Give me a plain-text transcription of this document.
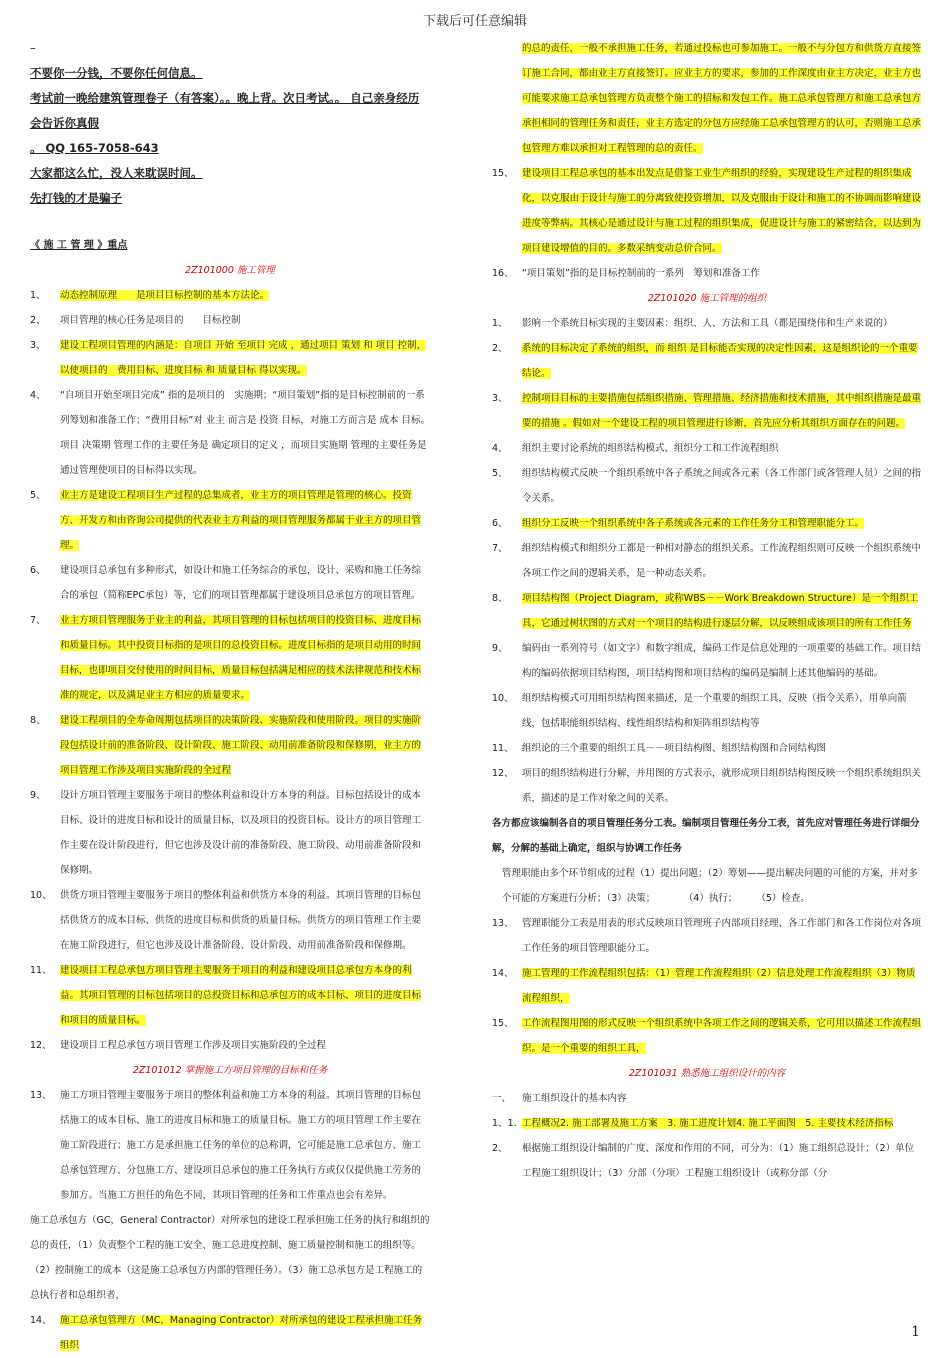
下载后可任意编辑
–
不要你一分钱，不要你任何信息。
考试前一晚给建筑管理卷子（有答案）。。晚上背。次日考试。。 自己亲身经历
会告诉你真假
。 QQ 165-7058-643
大家都这么忙，没人来耽误时间。
先打钱的才是骗子
《 施 工 管 理 》重点
2Z101000 施工管理
1、 动态控制原理　　是项目目标控制的基本方法论。
2、 项目管理的核心任务是项目的　　目标控制
3、 建设工程项目管理的内涵是：自项目 开始 至项目 完成 ，通过项目 策划 和 项目 控制，以使项目的　费用目标、进度目标 和 质量目标 得以实现。
4、 “自项目开始至项目完成” 指的是项目的　实施期；“项目策划”指的是目标控制前的一系列筹划和准备工作；“费用目标”对 业主 而言是 投资 目标，对施工方而言是 成本 目标。项目 决策期 管理工作的主要任务是 确定项目的定义 ，而项目实施期 管理的主要任务是 通过管理使项目的目标得以实现。
5、 业主方是建设工程项目生产过程的总集成者，业主方的项目管理是管理的核心。投资方、开发方和由咨询公司提供的代表业主方利益的项目管理服务都属于业主方的项目管理。
6、 建设项目总承包有多种形式，如设计和施工任务综合的承包，设计、采购和施工任务综合的承包（简称EPC承包）等，它们的项目管理都属于建设项目总承包方的项目管理。
7、 业主方项目管理服务于业主的利益，其项目管理的目标包括项目的投资目标、进度目标和质量目标。其中投资目标指的是项目的总投资目标。进度目标指的是项目动用的时间目标，也即项目交付使用的时间目标，质量目标包括满足相应的技术法律规范和技术标准的规定，以及满足业主方相应的质量要求。
8、 建设工程项目的全寿命周期包括项目的决策阶段、实施阶段和使用阶段。项目的实施阶段包括设计前的准备阶段、设计阶段、施工阶段、动用前准备阶段和保修期，业主方的项目管理工作涉及项目实施阶段的全过程
9、 设计方项目管理主要服务于项目的整体利益和设计方本身的利益。目标包括设计的成本目标、设计的进度目标和设计的质量目标，以及项目的投资目标。设计方的项目管理工作主要在设计阶段进行，但它也涉及设计前的准备阶段、施工阶段、动用前准备阶段和保修期。
10、 供货方项目管理主要服务于项目的整体利益和供货方本身的利益。其项目管理的目标包括供货方的成本目标、供货的进度目标和供货的质量目标。供货方的项目管理工作主要在施工阶段进行，但它也涉及设计准备阶段、设计阶段、动用前准备阶段和保修期。
11、 建设项目工程总承包方项目管理主要服务于项目的利益和建设项目总承包方本身的利益。其项目管理的目标包括项目的总投资目标和总承包方的成本目标、项目的进度目标和项目的质量目标。
12、 建设项目工程总承包方项目管理工作涉及项目实施阶段的全过程
2Z101012 掌握施工方项目管理的目标和任务
13、 施工方项目管理主要服务于项目的整体利益和施工方本身的利益。其项目管理的目标包括施工的成本目标、施工的进度目标和施工的质量目标。施工方的项目管理工作主要在施工阶段进行；施工方是承担施工任务的单位的总称谓，它可能是施工总承包方、施工总承包管理方、分包施工方、建设项目总承包的施工任务执行方或仅仅提供施工劳务的参加方。当施工方担任的角色不同，其项目管理的任务和工作重点也会有差异。
施工总承包方（GC，General Contractor）对所承包的建设工程承担施工任务的执行和组织的总的责任，（1）负责整个工程的施工安全、施工总进度控制、施工质量控制和施工的组织等。（2）控制施工的成本（这是施工总承包方内部的管理任务）。（3）施工总承包方是工程施工的总执行者和总组织者，
14、 施工总承包管理方（MC，Managing Contractor）对所承包的建设工程承担施工任务组织
的总的责任，一般不承担施工任务，若通过投标也可参加施工。一般不与分包方和供货方直接签订施工合同，都由业主方直接签订。应业主方的要求，参加的工作深度由业主方决定，业主方也可能要求施工总承包管理方负责整个施工的招标和发包工作。施工总承包管理方和施工总承包方承担相同的管理任务和责任，业主方选定的分包方应经施工总承包管理方的认可，否则施工总承包管理方难以承担对工程管理的总的责任。
15、 建设项目工程总承包的基本出发点是借鉴工业生产组织的经验，实现建设生产过程的组织集成化，以克服由于设计与施工的分离致使投资增加，以及克服由于设计和施工的不协调而影响建设进度等弊病。其核心是通过设计与施工过程的组织集成，促进设计与施工的紧密结合，以达到为项目建设增值的目的。多数采纳变动总价合同。
16、 “项目策划”指的是目标控制前的一系列　筹划和准备工作
2Z101020 施工管理的组织
1、 影响一个系统目标实现的主要因素：组织、人、方法和工具（都是围绕伟和生产来说的）
2、 系统的目标决定了系统的组织，而 组织 是目标能否实现的决定性因素，这是组织论的一个重要结论。
3、 控制项目目标的主要措施包括组织措施、管理措施、经济措施和技术措施，其中组织措施是最重要的措施 。假如对一个建设工程的项目管理进行诊断，首先应分析其组织方面存在的问题。
4、 组织主要讨论系统的组织结构模式、组织分工和工作流程组织
5、 组织结构模式反映一个组织系统中各子系统之间或各元素（各工作部门或各管理人员）之间的指令关系。
6、 组织分工反映一个组织系统中各子系统或各元素的工作任务分工和管理职能分工。
7、 组织结构模式和组织分工都是一种相对静态的组织关系。工作流程组织则可反映一个组织系统中各项工作之间的逻辑关系，是一种动态关系。
8、 项目结构图（Project Diagram，或称WBS－－Work Breakdown Structure）是一个组织工具，它通过树状图的方式对一个项目的结构进行逐层分解，以反映组成该项目的所有工作任务
9、 编码由一系列符号（如文字）和数字组成，编码工作是信息处理的一项重要的基础工作。项目结构的编码依据项目结构图，项目结构图和项目结构的编码是编制上述其他编码的基础。
10、 组织结构模式可用组织结构图来描述，是一个重要的组织工具，反映（指令关系），用单向箭线，包括职能组织结构、线性组织结构和矩阵组织结构等
11、 组织论的三个重要的组织工具－－项目结构图、组织结构图和合同结构图
12、 项目的组织结构进行分解，并用图的方式表示，就形成项目组织结构图反映一个组织系统组织关系，描述的是工作对象之间的关系。
各方都应该编制各自的项目管理任务分工表。编制项目管理任务分工表，首先应对管理任务进行详细分解，分解的基础上确定，组织与协调工作任务
管理职能由多个环节组成的过程（1）提出问题；（2）筹划——提出解决问题的可能的方案，并对多个可能的方案进行分析；（3）决策；　　　　（4）执行；　　　（5）检查。
13、 管理职能分工表是用表的形式反映项目管理班子内部项目经理、各工作部门和各工作岗位对各项工作任务的项目管理职能分工。
14、 施工管理的工作流程组织包括：（1）管理工作流程组织（2）信息处理工作流程组织（3）物质流程组织，
15、 工作流程图用图的形式反映一个组织系统中各项工作之间的逻辑关系，它可用以描述工作流程组织。是一个重要的组织工具，
2Z101031 熟悉施工组织设计的内容
一、 施工组织设计的基本内容
1、1. 工程概况2. 施工部署及施工方案　3. 施工进度计划4. 施工平面图　5. 主要技术经济指标
2、 根据施工组织设计编制的广度、深度和作用的不同，可分为：（1）施工组织总设计；（2）单位工程施工组织设计；（3）分部（分项）工程施工组织设计（或称分部（分
1
